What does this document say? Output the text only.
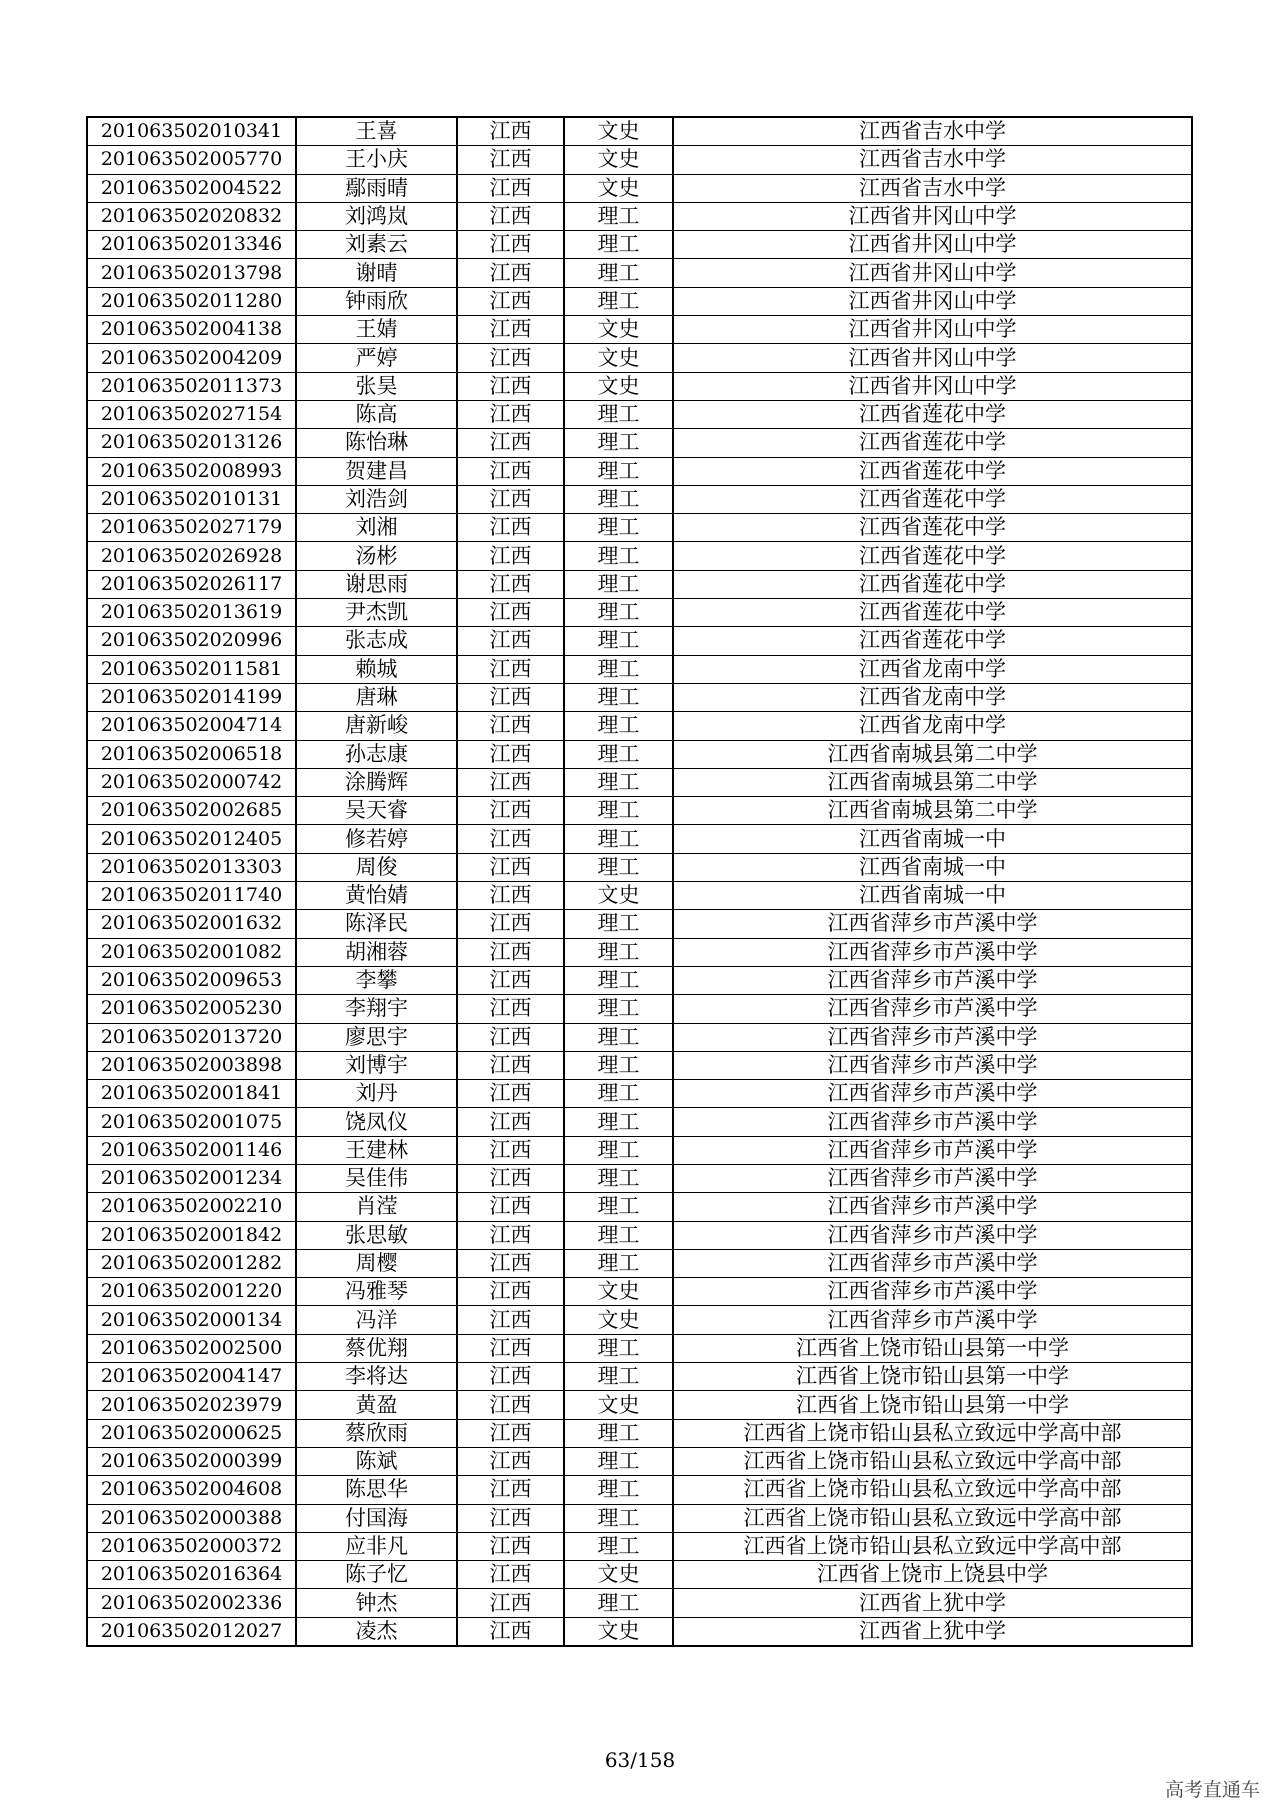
201063502010341	王喜	江西	文史	江西省吉水中学
201063502005770	王小庆	江西	文史	江西省吉水中学
201063502004522	鄢雨晴	江西	文史	江西省吉水中学
201063502020832	刘鸿岚	江西	理工	江西省井冈山中学
201063502013346	刘素云	江西	理工	江西省井冈山中学
201063502013798	谢晴	江西	理工	江西省井冈山中学
201063502011280	钟雨欣	江西	理工	江西省井冈山中学
201063502004138	王婧	江西	文史	江西省井冈山中学
201063502004209	严婷	江西	文史	江西省井冈山中学
201063502011373	张昊	江西	文史	江西省井冈山中学
201063502027154	陈高	江西	理工	江西省莲花中学
201063502013126	陈怡琳	江西	理工	江西省莲花中学
201063502008993	贺建昌	江西	理工	江西省莲花中学
201063502010131	刘浩剑	江西	理工	江西省莲花中学
201063502027179	刘湘	江西	理工	江西省莲花中学
201063502026928	汤彬	江西	理工	江西省莲花中学
201063502026117	谢思雨	江西	理工	江西省莲花中学
201063502013619	尹杰凯	江西	理工	江西省莲花中学
201063502020996	张志成	江西	理工	江西省莲花中学
201063502011581	赖城	江西	理工	江西省龙南中学
201063502014199	唐琳	江西	理工	江西省龙南中学
201063502004714	唐新峻	江西	理工	江西省龙南中学
201063502006518	孙志康	江西	理工	江西省南城县第二中学
201063502000742	涂腾辉	江西	理工	江西省南城县第二中学
201063502002685	吴天睿	江西	理工	江西省南城县第二中学
201063502012405	修若婷	江西	理工	江西省南城一中
201063502013303	周俊	江西	理工	江西省南城一中
201063502011740	黄怡婧	江西	文史	江西省南城一中
201063502001632	陈泽民	江西	理工	江西省萍乡市芦溪中学
201063502001082	胡湘蓉	江西	理工	江西省萍乡市芦溪中学
201063502009653	李攀	江西	理工	江西省萍乡市芦溪中学
201063502005230	李翔宇	江西	理工	江西省萍乡市芦溪中学
201063502013720	廖思宇	江西	理工	江西省萍乡市芦溪中学
201063502003898	刘博宇	江西	理工	江西省萍乡市芦溪中学
201063502001841	刘丹	江西	理工	江西省萍乡市芦溪中学
201063502001075	饶凤仪	江西	理工	江西省萍乡市芦溪中学
201063502001146	王建林	江西	理工	江西省萍乡市芦溪中学
201063502001234	吴佳伟	江西	理工	江西省萍乡市芦溪中学
201063502002210	肖滢	江西	理工	江西省萍乡市芦溪中学
201063502001842	张思敏	江西	理工	江西省萍乡市芦溪中学
201063502001282	周樱	江西	理工	江西省萍乡市芦溪中学
201063502001220	冯雅琴	江西	文史	江西省萍乡市芦溪中学
201063502000134	冯洋	江西	文史	江西省萍乡市芦溪中学
201063502002500	蔡优翔	江西	理工	江西省上饶市铅山县第一中学
201063502004147	李将达	江西	理工	江西省上饶市铅山县第一中学
201063502023979	黄盈	江西	文史	江西省上饶市铅山县第一中学
201063502000625	蔡欣雨	江西	理工	江西省上饶市铅山县私立致远中学高中部
201063502000399	陈斌	江西	理工	江西省上饶市铅山县私立致远中学高中部
201063502004608	陈思华	江西	理工	江西省上饶市铅山县私立致远中学高中部
201063502000388	付国海	江西	理工	江西省上饶市铅山县私立致远中学高中部
201063502000372	应非凡	江西	理工	江西省上饶市铅山县私立致远中学高中部
201063502016364	陈子忆	江西	文史	江西省上饶市上饶县中学
201063502002336	钟杰	江西	理工	江西省上犹中学
201063502012027	凌杰	江西	文史	江西省上犹中学
63/158
高考直通车
